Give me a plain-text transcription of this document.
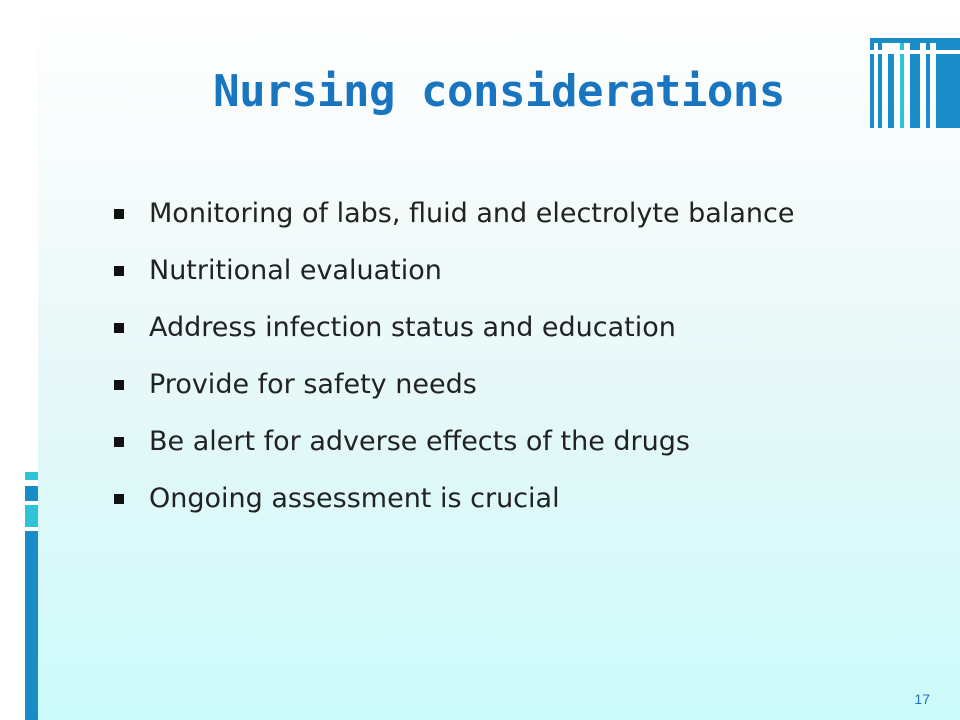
Nursing considerations
Monitoring of labs, fluid and electrolyte balance
Nutritional evaluation
Address infection status and education
Provide for safety needs
Be alert for adverse effects of the drugs
Ongoing assessment is crucial
17
